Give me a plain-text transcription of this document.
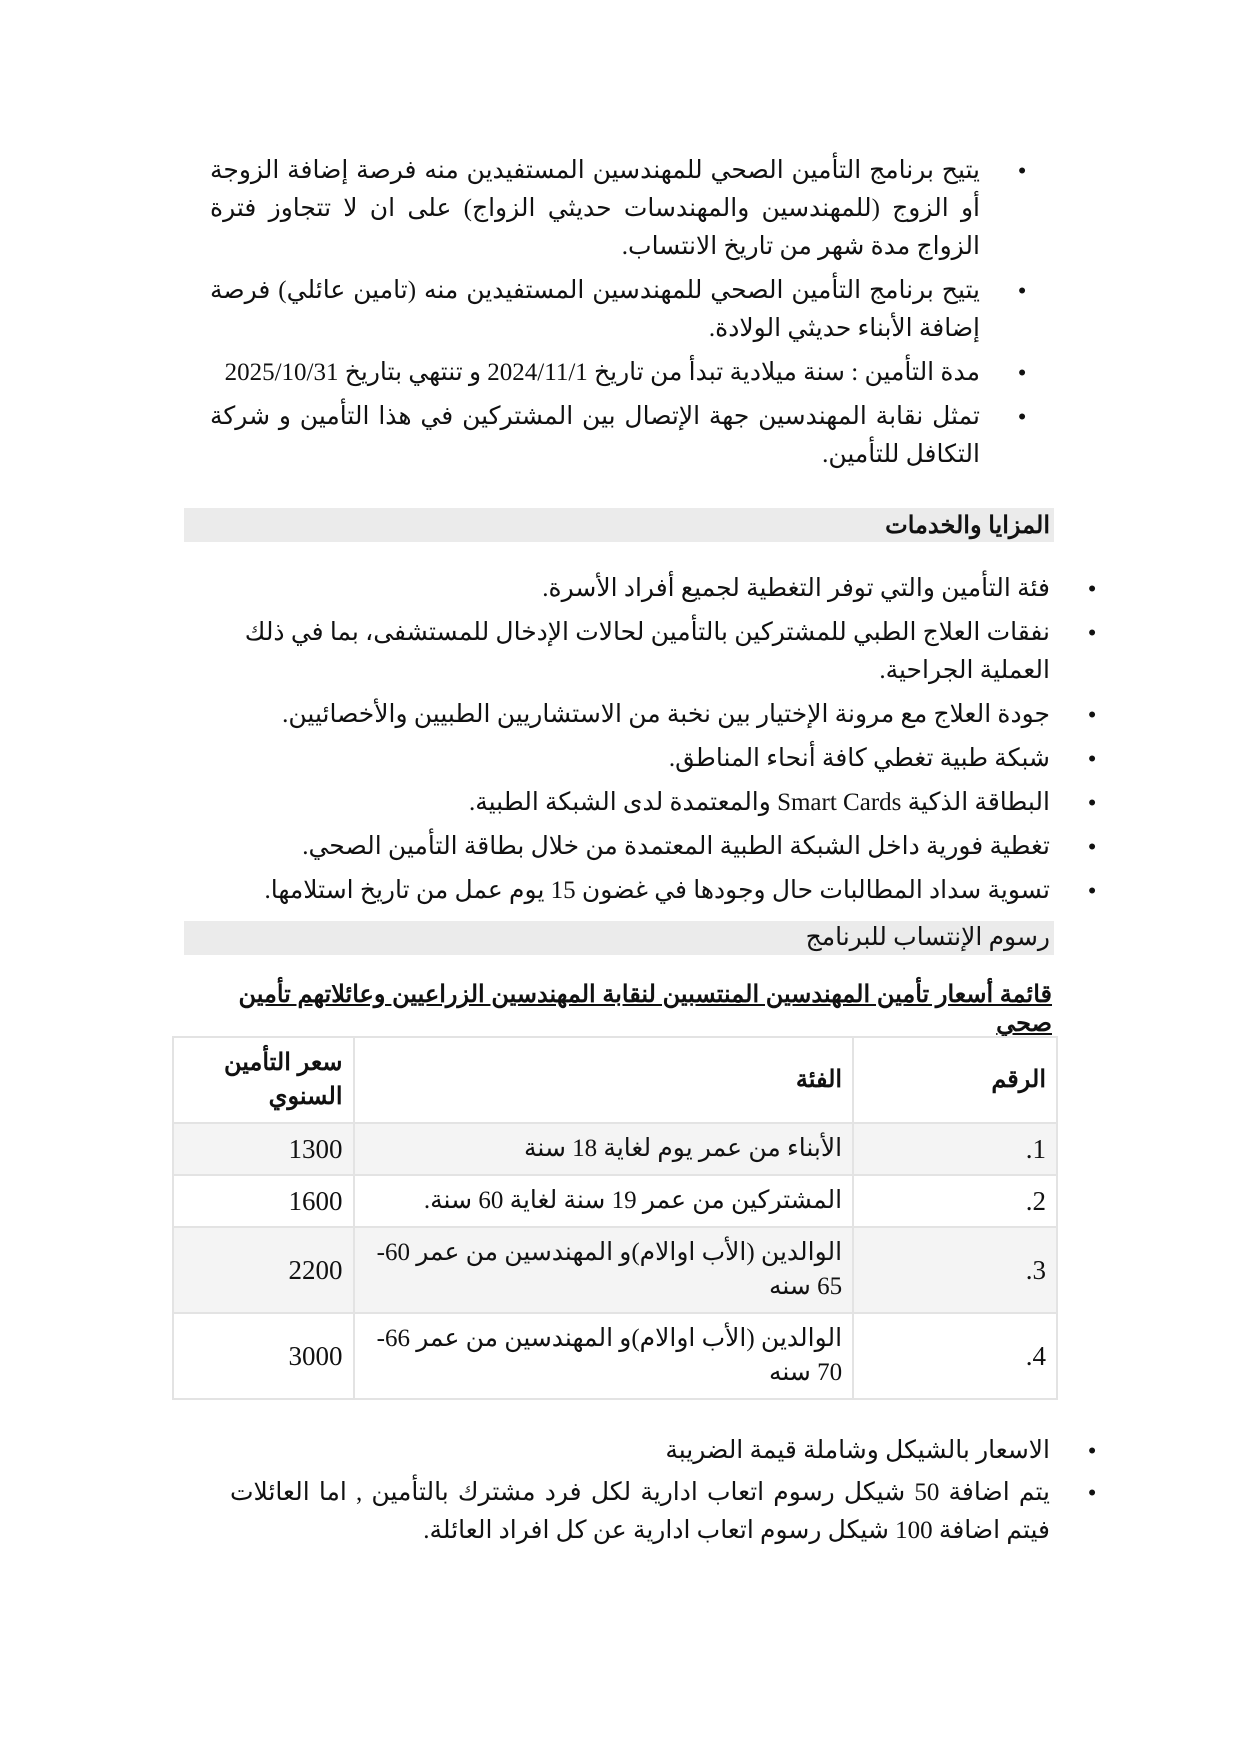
• يتيح برنامج التأمين الصحي للمهندسين المستفيدين منه فرصة إضافة الزوجة أو الزوج (للمهندسين والمهندسات حديثي الزواج) على ان لا تتجاوز فترة الزواج مدة شهر من تاريخ الانتساب.
• يتيح برنامج التأمين الصحي للمهندسين المستفيدين منه (تامين عائلي) فرصة إضافة الأبناء حديثي الولادة.
• مدة التأمين : سنة ميلادية تبدأ من تاريخ 2024/11/1 و تنتهي بتاريخ 2025/10/31
• تمثل نقابة المهندسين جهة الإتصال بين المشتركين في هذا التأمين و شركة التكافل للتأمين.
المزايا والخدمات
• فئة التأمين والتي توفر التغطية لجميع أفراد الأسرة.
• نفقات العلاج الطبي للمشتركين بالتأمين لحالات الإدخال للمستشفى، بما في ذلك العملية الجراحية.
• جودة العلاج مع مرونة الإختيار بين نخبة من الاستشاريين الطبيين والأخصائيين.
• شبكة طبية تغطي كافة أنحاء المناطق.
• البطاقة الذكية Smart Cards والمعتمدة لدى الشبكة الطبية.
• تغطية فورية داخل الشبكة الطبية المعتمدة من خلال بطاقة التأمين الصحي.
• تسوية سداد المطالبات حال وجودها في غضون 15 يوم عمل من تاريخ استلامها.
رسوم الإنتساب للبرنامج
قائمة أسعار تأمين المهندسين المنتسبين لنقابة المهندسين الزراعيين وعائلاتهم تأمين صحي
الرقم	الفئة	سعر التأمين السنوي
1.	الأبناء من عمر يوم لغاية 18 سنة	1300
2.	المشتركين من عمر 19 سنة لغاية 60 سنة.	1600
3.	الوالدين (الأب اوالام)و المهندسين من عمر 60-65 سنه	2200
4.	الوالدين (الأب اوالام)و المهندسين من عمر 66-70 سنه	3000
• الاسعار بالشيكل وشاملة قيمة الضريبة
• يتم اضافة 50 شيكل رسوم اتعاب ادارية لكل فرد مشترك بالتأمين , اما العائلات فيتم اضافة 100 شيكل رسوم اتعاب ادارية عن كل افراد العائلة.
